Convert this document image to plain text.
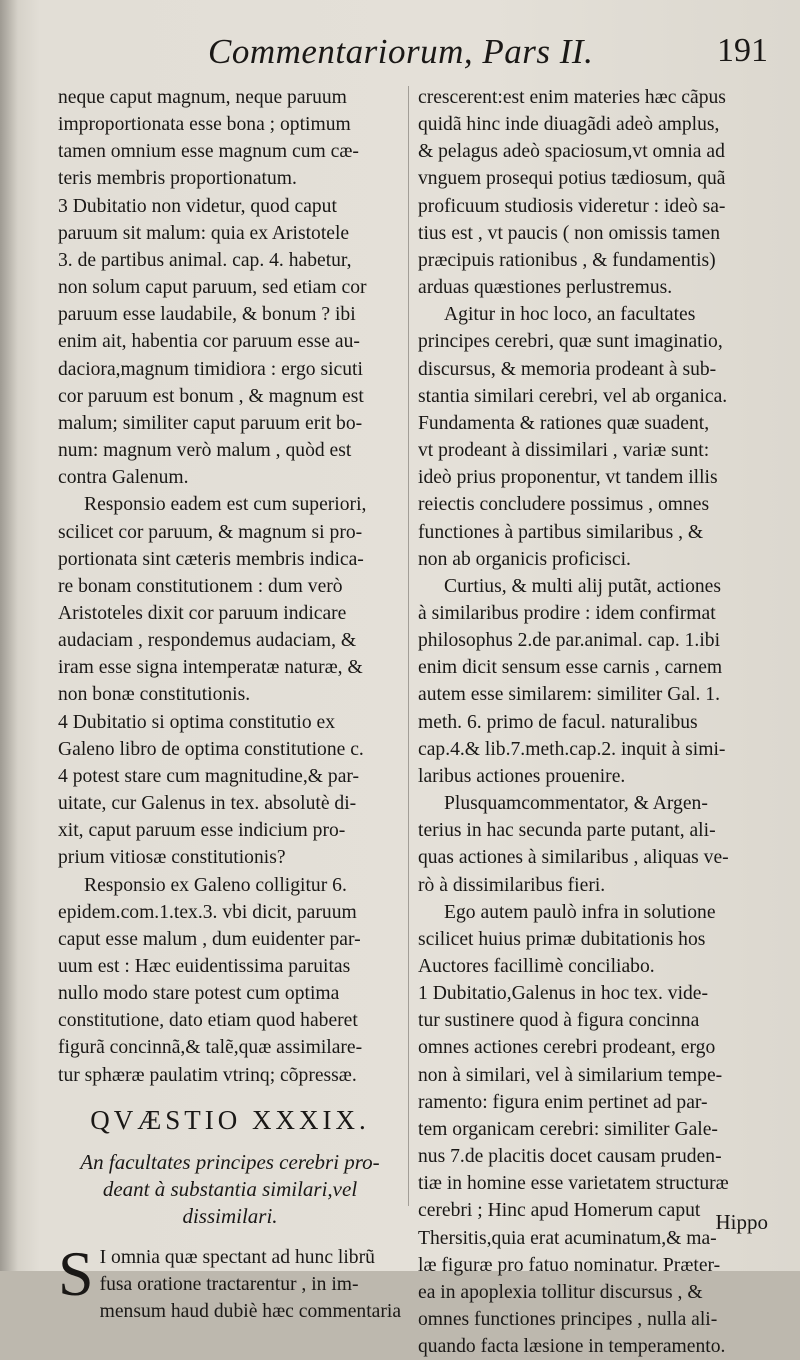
Commentariorum, Pars II.	191
neque caput magnum, neque paruum
improportionata esse bona ; optimum
tamen omnium esse magnum cum cæ-
teris membris proportionatum.
3 Dubitatio non videtur, quod caput
paruum sit malum: quia ex Aristotele
3. de partibus animal. cap. 4. habetur,
non solum caput paruum, sed etiam cor
paruum esse laudabile, & bonum ? ibi
enim ait, habentia cor paruum esse au-
daciora,magnum timidiora : ergo sicuti
cor paruum est bonum , & magnum est
malum; similiter caput paruum erit bo-
num: magnum verò malum , quòd est
contra Galenum.
Responsio eadem est cum superiori,
scilicet cor paruum, & magnum si pro-
portionata sint cæteris membris indica-
re bonam constitutionem : dum verò
Aristoteles dixit cor paruum indicare
audaciam , respondemus audaciam, &
iram esse signa intemperatæ naturæ, &
non bonæ constitutionis.
4 Dubitatio si optima constitutio ex
Galeno libro de optima constitutione c.
4 potest stare cum magnitudine,& par-
uitate, cur Galenus in tex. absolutè di-
xit, caput paruum esse indicium pro-
prium vitiosæ constitutionis?
Responsio ex Galeno colligitur 6.
epidem.com.1.tex.3. vbi dicit, paruum
caput esse malum , dum euidenter par-
uum est : Hæc euidentissima paruitas
nullo modo stare potest cum optima
constitutione, dato etiam quod haberet
figurã concinnã,& talẽ,quæ assimilare-
tur sphæræ paulatim vtrinq; cõpressæ.
QVÆSTIO XXXIX.
An facultates principes cerebri pro-
deant à substantia similari,vel
dissimilari.
S I omnia quæ spectant ad hunc librũ
fusa oratione tractarentur , in im-
mensum haud dubiè hæc commentaria
crescerent:est enim materies hæc cãpus
quidã hinc inde diuagãdi adeò amplus,
& pelagus adeò spaciosum,vt omnia ad
vnguem prosequi potius tædiosum, quã
proficuum studiosis videretur : ideò sa-
tius est , vt paucis ( non omissis tamen
præcipuis rationibus , & fundamentis)
arduas quæstiones perlustremus.
Agitur in hoc loco, an facultates
principes cerebri, quæ sunt imaginatio,
discursus, & memoria prodeant à sub-
stantia similari cerebri, vel ab organica.
Fundamenta & rationes quæ suadent,
vt prodeant à dissimilari , variæ sunt:
ideò prius proponentur, vt tandem illis
reiectis concludere possimus , omnes
functiones à partibus similaribus , &
non ab organicis proficisci.
Curtius, & multi alij putãt, actiones
à similaribus prodire : idem confirmat
philosophus 2.de par.animal. cap. 1.ibi
enim dicit sensum esse carnis , carnem
autem esse similarem: similiter Gal. 1.
meth. 6. primo de facul. naturalibus
cap.4.& lib.7.meth.cap.2. inquit à simi-
laribus actiones prouenire.
Plusquamcommentator, & Argen-
terius in hac secunda parte putant, ali-
quas actiones à similaribus , aliquas ve-
rò à dissimilaribus fieri.
Ego autem paulò infra in solutione
scilicet huius primæ dubitationis hos
Auctores facillimè conciliabo.
1 Dubitatio,Galenus in hoc tex. vide-
tur sustinere quod à figura concinna
omnes actiones cerebri prodeant, ergo
non à similari, vel à similarium tempe-
ramento: figura enim pertinet ad par-
tem organicam cerebri: similiter Gale-
nus 7.de placitis docet causam pruden-
tiæ in homine esse varietatem structuræ
cerebri ; Hinc apud Homerum caput
Thersitis,quia erat acuminatum,& ma-
læ figuræ pro fatuo nominatur. Præter-
ea in apoplexia tollitur discursus , &
omnes functiones principes , nulla ali-
quando facta læsione in temperamento.
Hippo
